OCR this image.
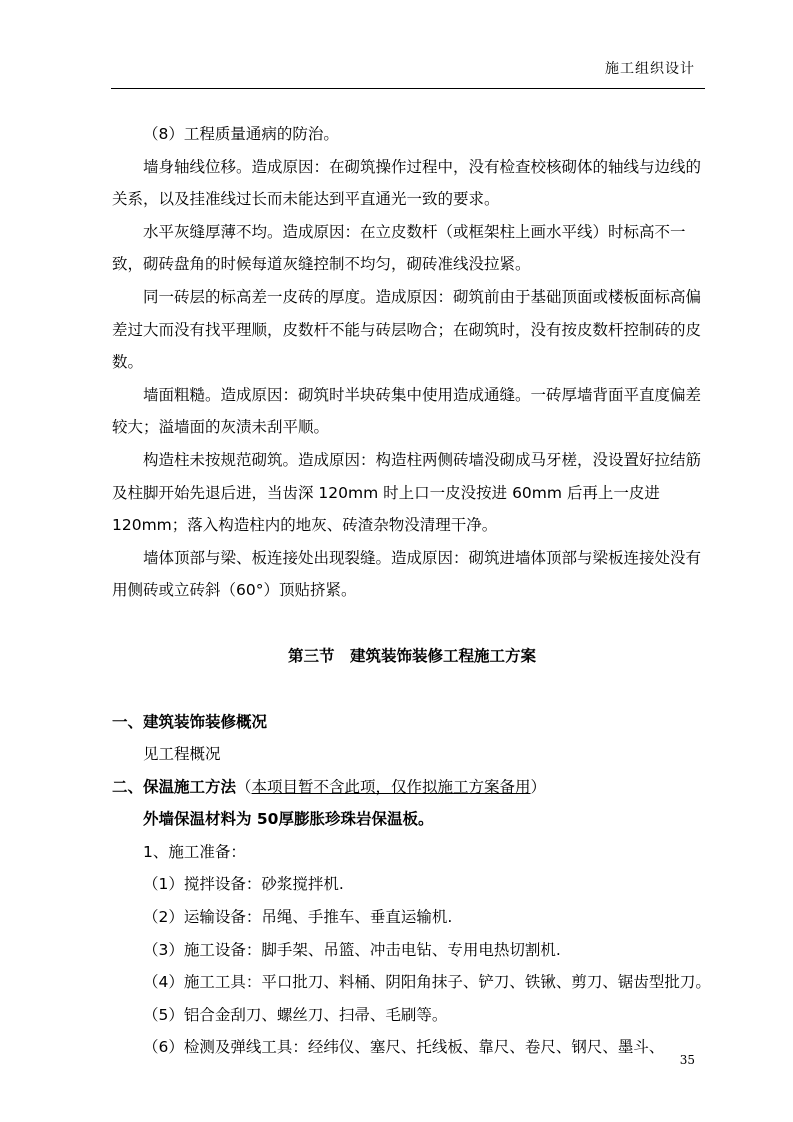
施工组织设计

（8）工程质量通病的防治。

墙身轴线位移。造成原因：在砌筑操作过程中，没有检查校核砌体的轴线与边线的关系，以及挂准线过长而未能达到平直通光一致的要求。

水平灰缝厚薄不均。造成原因：在立皮数杆（或框架柱上画水平线）时标高不一致，砌砖盘角的时候每道灰缝控制不均匀，砌砖准线没拉紧。

同一砖层的标高差一皮砖的厚度。造成原因：砌筑前由于基础顶面或楼板面标高偏差过大而没有找平理顺，皮数杆不能与砖层吻合；在砌筑时，没有按皮数杆控制砖的皮数。

墙面粗糙。造成原因：砌筑时半块砖集中使用造成通缝。一砖厚墙背面平直度偏差较大；溢墙面的灰渍未刮平顺。

构造柱未按规范砌筑。造成原因：构造柱两侧砖墙没砌成马牙槎，没设置好拉结筋及柱脚开始先退后进，当齿深 120mm 时上口一皮没按进 60mm 后再上一皮进 120mm；落入构造柱内的地灰、砖渣杂物没清理干净。

墙体顶部与梁、板连接处出现裂缝。造成原因：砌筑进墙体顶部与梁板连接处没有用侧砖或立砖斜（60°）顶贴挤紧。

第三节　建筑装饰装修工程施工方案

一、建筑装饰装修概况

见工程概况

二、保温施工方法（本项目暂不含此项，仅作拟施工方案备用）

外墙保温材料为 50厚膨胀珍珠岩保温板。

1、施工准备：

（1）搅拌设备：砂浆搅拌机.

（2）运输设备：吊绳、手推车、垂直运输机.

（3）施工设备：脚手架、吊篮、冲击电钻、专用电热切割机.

（4）施工工具：平口批刀、料桶、阴阳角抹子、铲刀、铁锹、剪刀、锯齿型批刀。

（5）铝合金刮刀、螺丝刀、扫帚、毛刷等。

（6）检测及弹线工具：经纬仪、塞尺、托线板、靠尺、卷尺、钢尺、墨斗、

35
